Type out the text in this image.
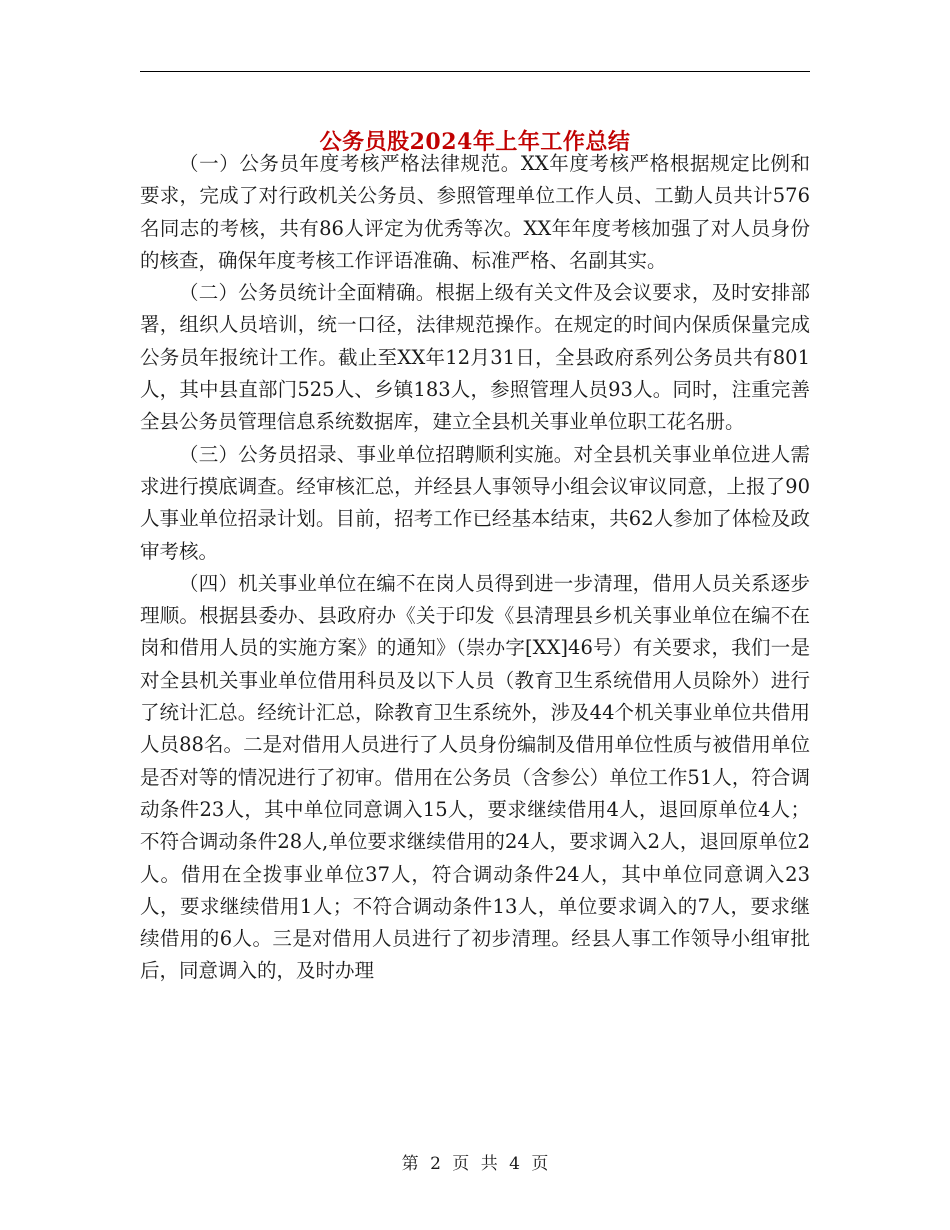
公务员股2024年上年工作总结

（一）公务员年度考核严格法律规范。XX年度考核严格根据规定比例和要求，完成了对行政机关公务员、参照管理单位工作人员、工勤人员共计576名同志的考核，共有86人评定为优秀等次。XX年年度考核加强了对人员身份的核查，确保年度考核工作评语准确、标准严格、名副其实。

（二）公务员统计全面精确。根据上级有关文件及会议要求，及时安排部署，组织人员培训，统一口径，法律规范操作。在规定的时间内保质保量完成公务员年报统计工作。截止至XX年12月31日，全县政府系列公务员共有801人，其中县直部门525人、乡镇183人，参照管理人员93人。同时，注重完善全县公务员管理信息系统数据库，建立全县机关事业单位职工花名册。

（三）公务员招录、事业单位招聘顺利实施。对全县机关事业单位进人需求进行摸底调查。经审核汇总，并经县人事领导小组会议审议同意，上报了90人事业单位招录计划。目前，招考工作已经基本结束，共62人参加了体检及政审考核。

（四）机关事业单位在编不在岗人员得到进一步清理，借用人员关系逐步理顺。根据县委办、县政府办《关于印发《县清理县乡机关事业单位在编不在岗和借用人员的实施方案》的通知》（崇办字[XX]46号）有关要求，我们一是对全县机关事业单位借用科员及以下人员（教育卫生系统借用人员除外）进行了统计汇总。经统计汇总，除教育卫生系统外，涉及44个机关事业单位共借用人员88名。二是对借用人员进行了人员身份编制及借用单位性质与被借用单位是否对等的情况进行了初审。借用在公务员（含参公）单位工作51人，符合调动条件23人，其中单位同意调入15人，要求继续借用4人，退回原单位4人；不符合调动条件28人,单位要求继续借用的24人，要求调入2人，退回原单位2人。借用在全拨事业单位37人，符合调动条件24人，其中单位同意调入23人，要求继续借用1人；不符合调动条件13人，单位要求调入的7人，要求继续借用的6人。三是对借用人员进行了初步清理。经县人事工作领导小组审批后，同意调入的，及时办理

第 2 页 共 4 页
